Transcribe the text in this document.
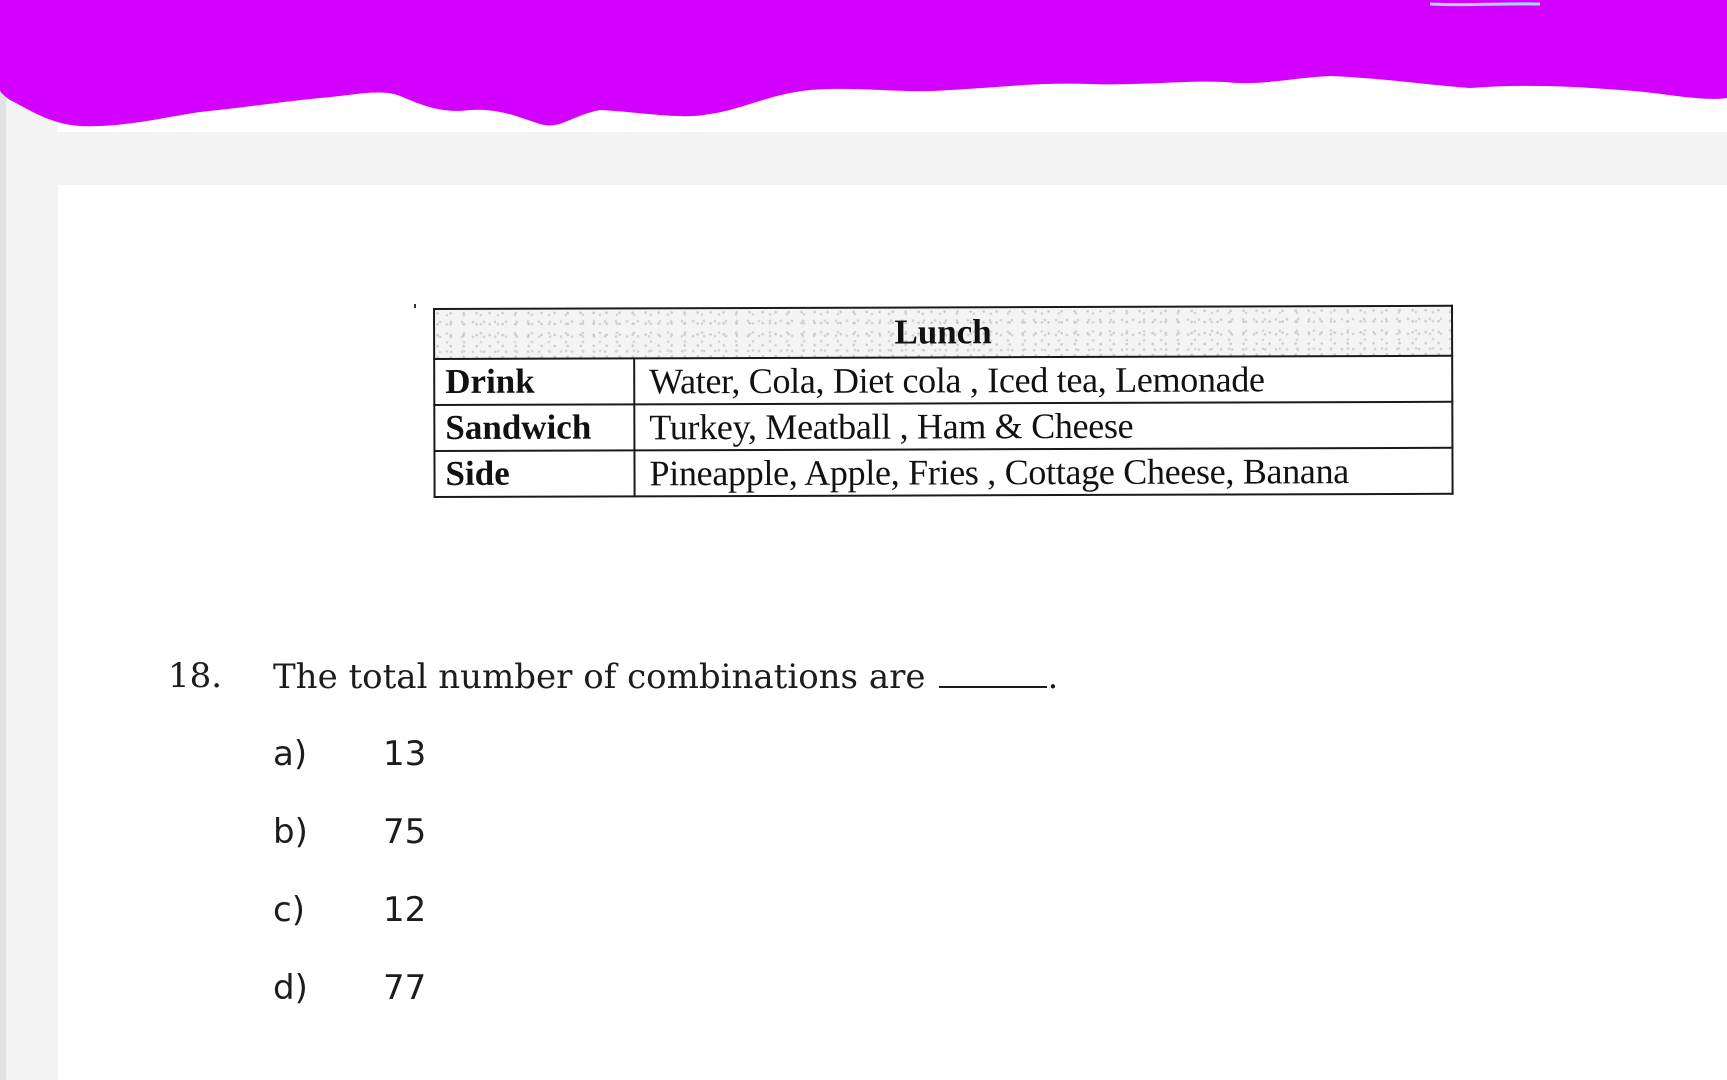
Lunch	
Drink	Water, Cola, Diet cola , Iced tea, Lemonade
Sandwich	Turkey, Meatball , Ham & Cheese
Side	Pineapple, Apple, Fries , Cottage Cheese, Banana
18. The total number of combinations are	.
a) 13
b) 75
c) 12
d) 77
